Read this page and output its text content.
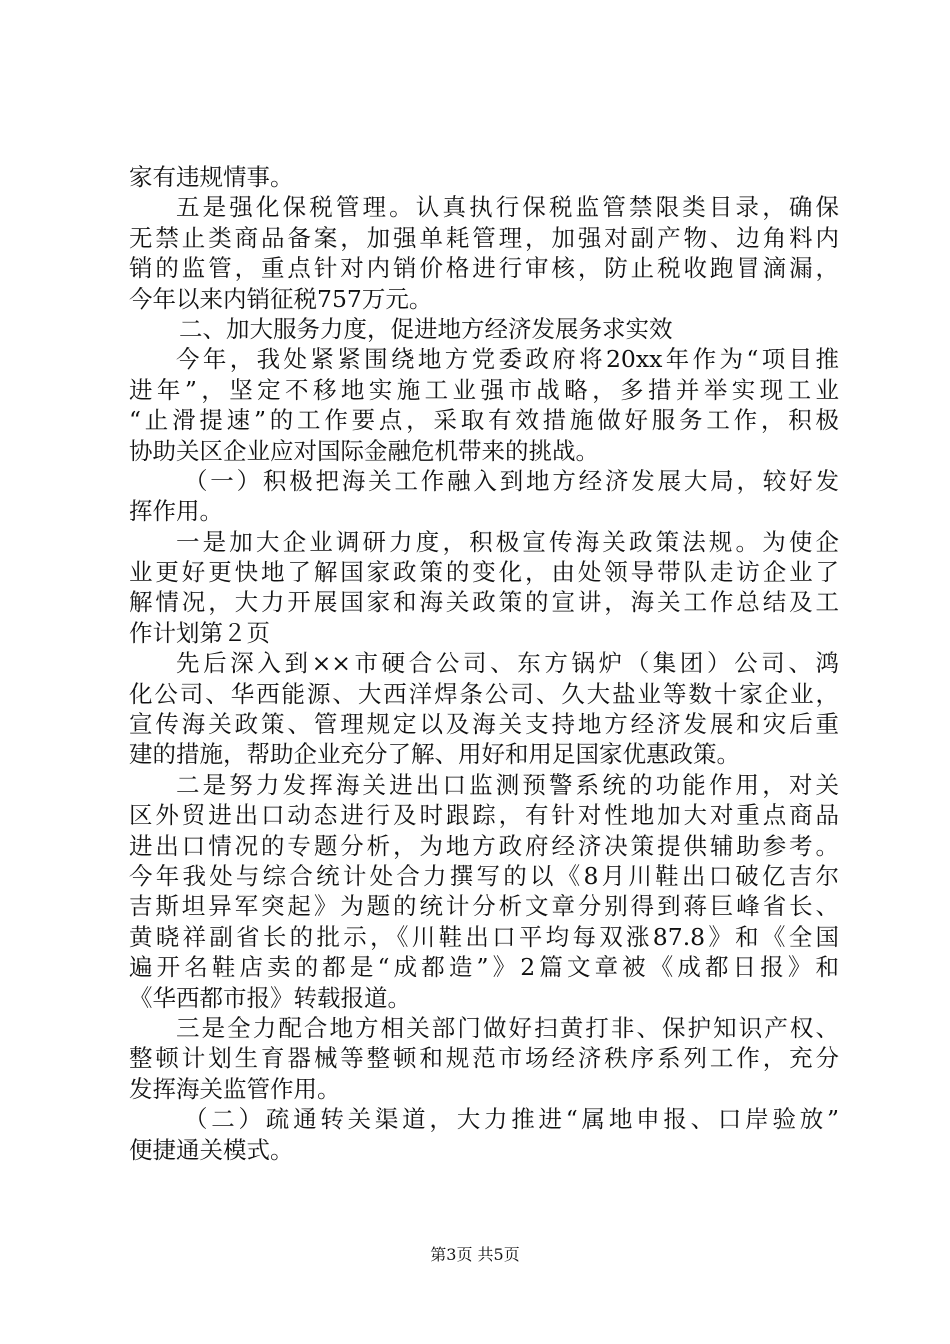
家有违规情事。
五是强化保税管理。认真执行保税监管禁限类目录，确保
无禁止类商品备案，加强单耗管理，加强对副产物、边角料内
销的监管，重点针对内销价格进行审核，防止税收跑冒滴漏，
今年以来内销征税757万元。
二、加大服务力度，促进地方经济发展务求实效
今年，我处紧紧围绕地方党委政府将20xx年作为“项目推
进年”，坚定不移地实施工业强市战略，多措并举实现工业
“止滑提速”的工作要点，采取有效措施做好服务工作，积极
协助关区企业应对国际金融危机带来的挑战。
（一）积极把海关工作融入到地方经济发展大局，较好发
挥作用。
一是加大企业调研力度，积极宣传海关政策法规。为使企
业更好更快地了解国家政策的变化，由处领导带队走访企业了
解情况，大力开展国家和海关政策的宣讲，海关工作总结及工
作计划第２页
先后深入到××市硬合公司、东方锅炉（集团）公司、鸿
化公司、华西能源、大西洋焊条公司、久大盐业等数十家企业，
宣传海关政策、管理规定以及海关支持地方经济发展和灾后重
建的措施，帮助企业充分了解、用好和用足国家优惠政策。
二是努力发挥海关进出口监测预警系统的功能作用，对关
区外贸进出口动态进行及时跟踪，有针对性地加大对重点商品
进出口情况的专题分析，为地方政府经济决策提供辅助参考。
今年我处与综合统计处合力撰写的以《8月川鞋出口破亿吉尔
吉斯坦异军突起》为题的统计分析文章分别得到蒋巨峰省长、
黄晓祥副省长的批示，《川鞋出口平均每双涨87.8》和《全国
遍开名鞋店卖的都是“成都造”》2篇文章被《成都日报》和
《华西都市报》转载报道。
三是全力配合地方相关部门做好扫黄打非、保护知识产权、
整顿计划生育器械等整顿和规范市场经济秩序系列工作，充分
发挥海关监管作用。
（二）疏通转关渠道，大力推进“属地申报、口岸验放”
便捷通关模式。
第3页 共5页
